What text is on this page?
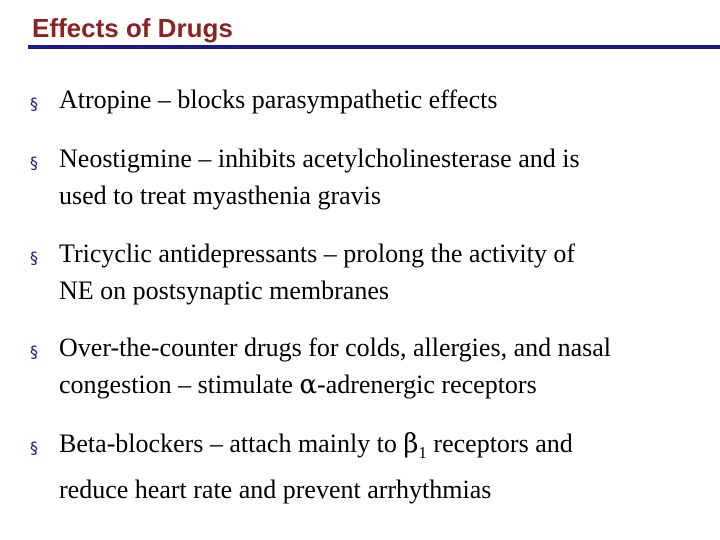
Effects of Drugs
§ Atropine – blocks parasympathetic effects
§ Neostigmine – inhibits acetylcholinesterase and is
used to treat myasthenia gravis
§ Tricyclic antidepressants – prolong the activity of
NE on postsynaptic membranes
§ Over-the-counter drugs for colds, allergies, and nasal
congestion – stimulate α-adrenergic receptors
§ Beta-blockers – attach mainly to $\beta_1$ receptors and
reduce heart rate and prevent arrhythmias
